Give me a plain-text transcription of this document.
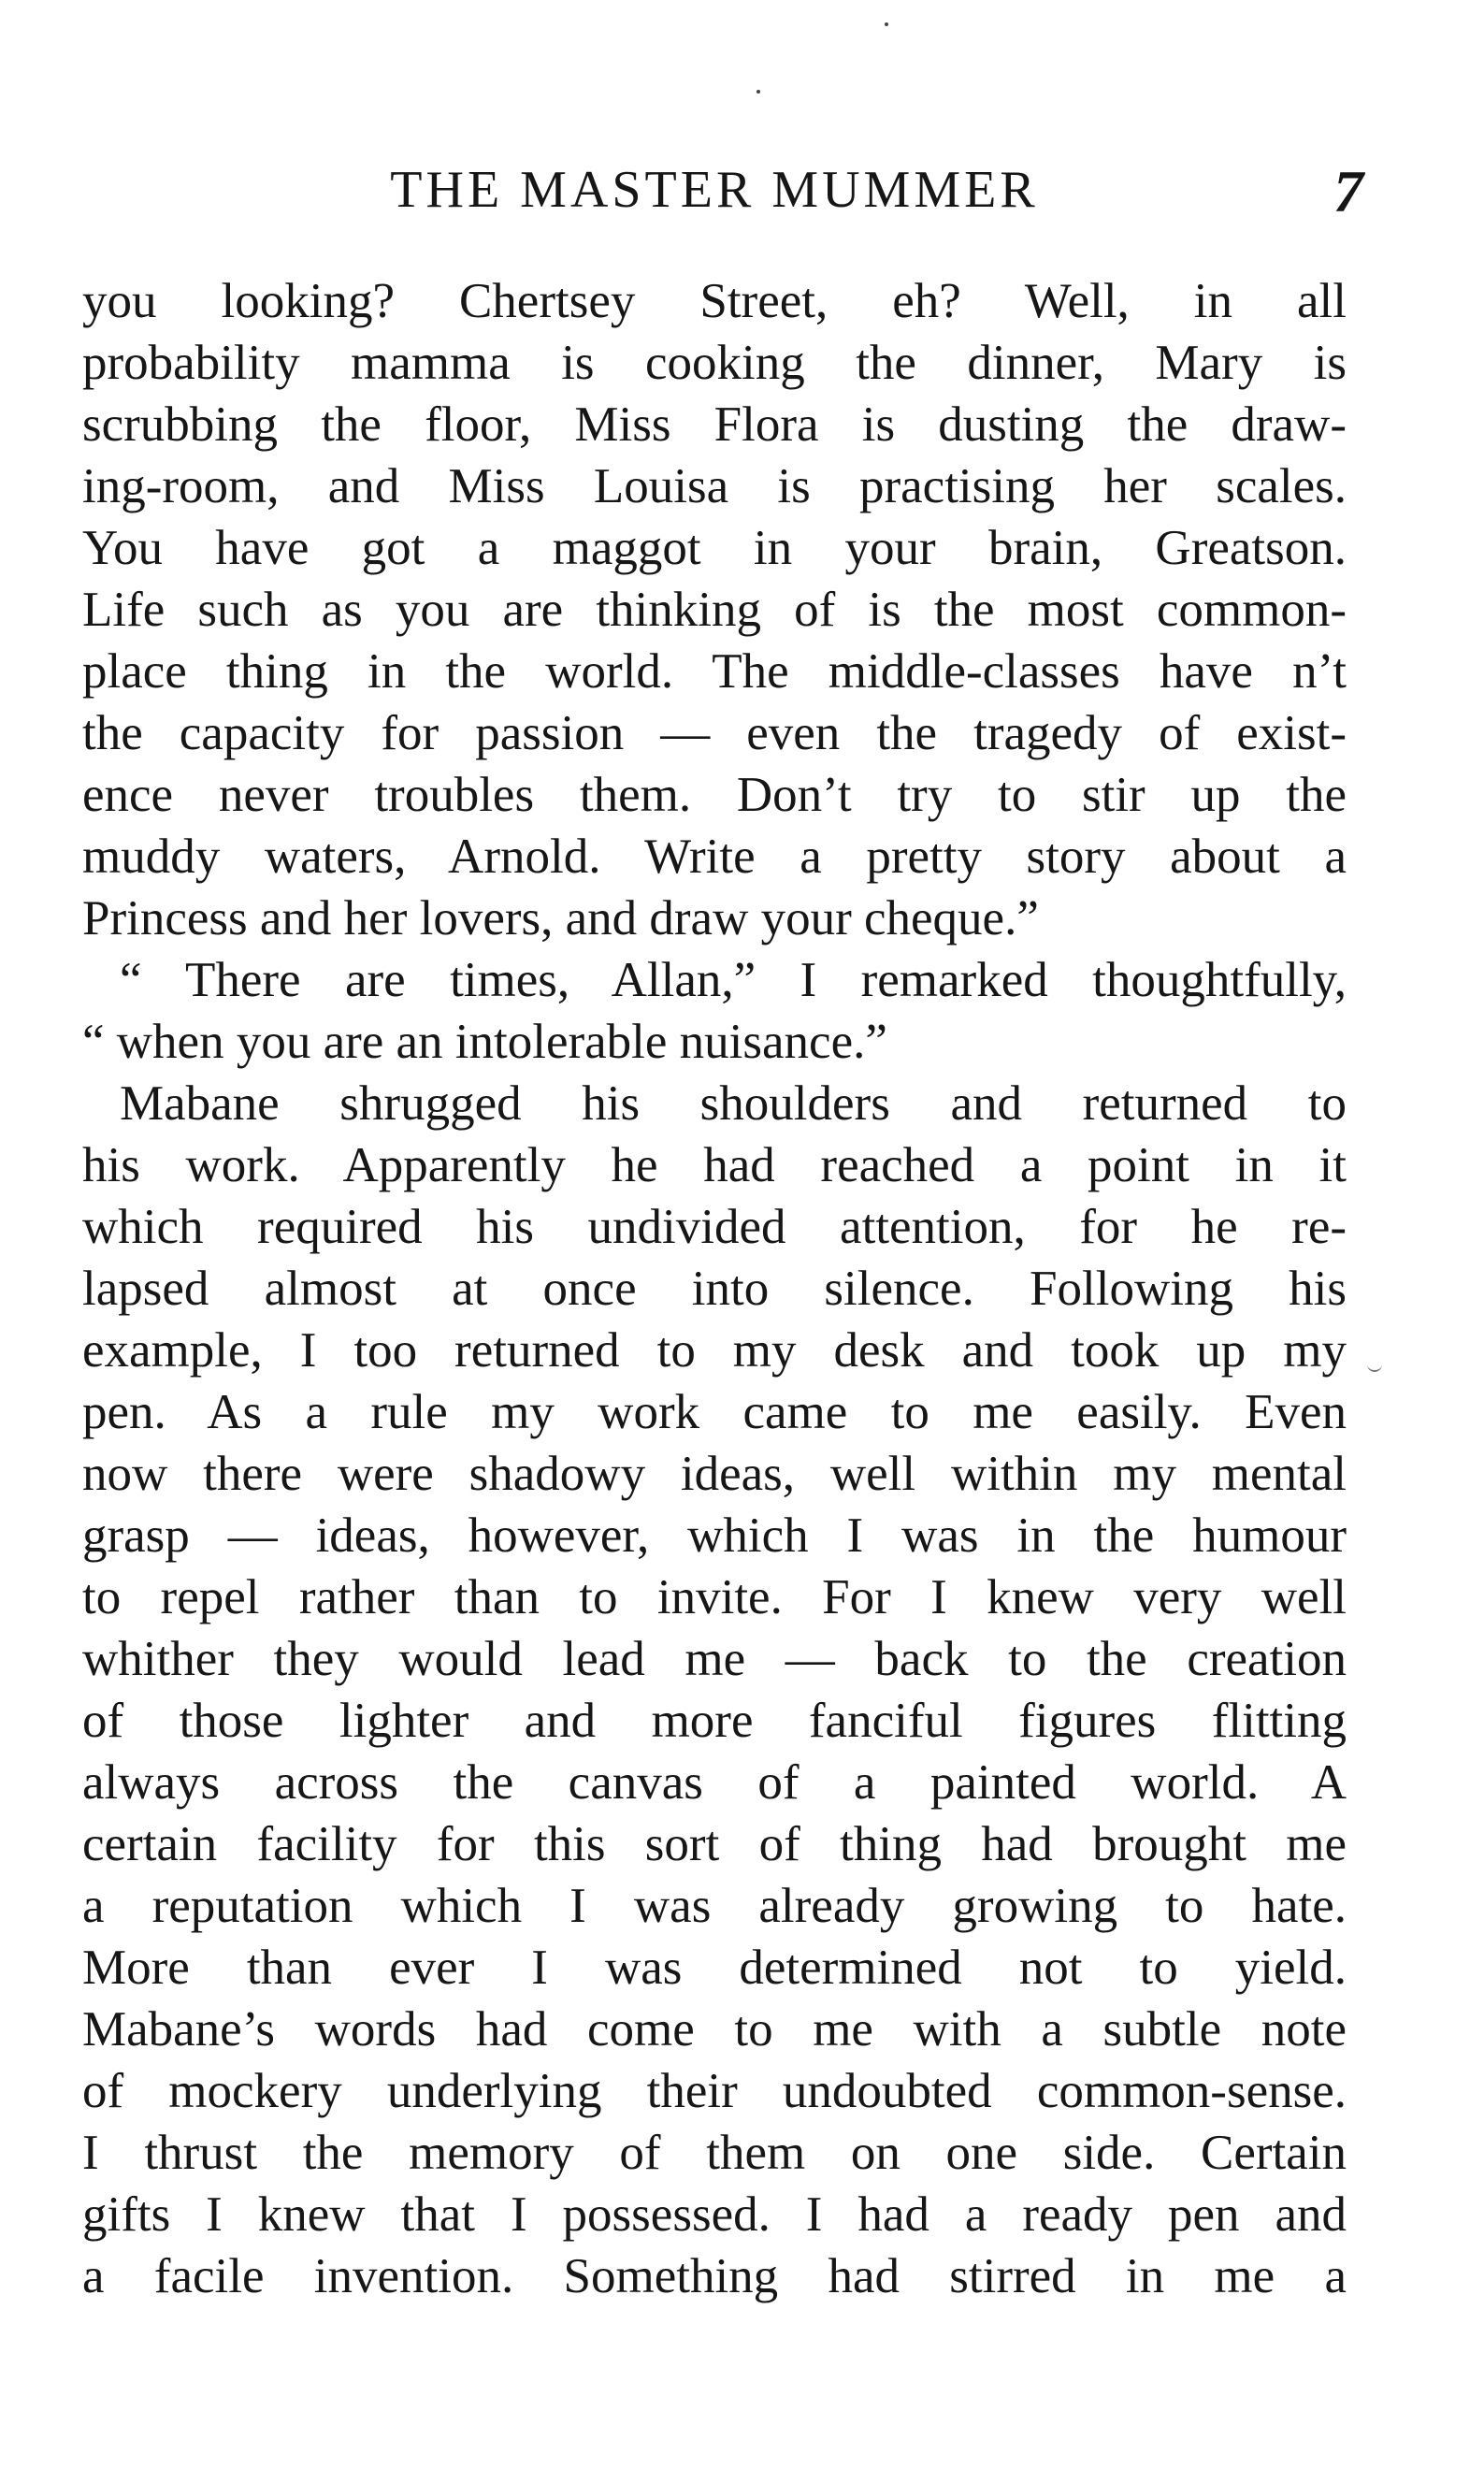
THE MASTER MUMMER	7
you looking? Chertsey Street, eh? Well, in all
probability mamma is cooking the dinner, Mary is
scrubbing the floor, Miss Flora is dusting the draw-
ing-room, and Miss Louisa is practising her scales.
You have got a maggot in your brain, Greatson.
Life such as you are thinking of is the most common-
place thing in the world. The middle-classes have n’t
the capacity for passion — even the tragedy of exist-
ence never troubles them. Don’t try to stir up the
muddy waters, Arnold. Write a pretty story about a
Princess and her lovers, and draw your cheque.”
“ There are times, Allan,” I remarked thoughtfully,
“ when you are an intolerable nuisance.”
Mabane shrugged his shoulders and returned to
his work. Apparently he had reached a point in it
which required his undivided attention, for he re-
lapsed almost at once into silence. Following his
example, I too returned to my desk and took up my
pen. As a rule my work came to me easily. Even
now there were shadowy ideas, well within my mental
grasp — ideas, however, which I was in the humour
to repel rather than to invite. For I knew very well
whither they would lead me — back to the creation
of those lighter and more fanciful figures flitting
always across the canvas of a painted world. A
certain facility for this sort of thing had brought me
a reputation which I was already growing to hate.
More than ever I was determined not to yield.
Mabane’s words had come to me with a subtle note
of mockery underlying their undoubted common-sense.
I thrust the memory of them on one side. Certain
gifts I knew that I possessed. I had a ready pen and
a facile invention. Something had stirred in me a
